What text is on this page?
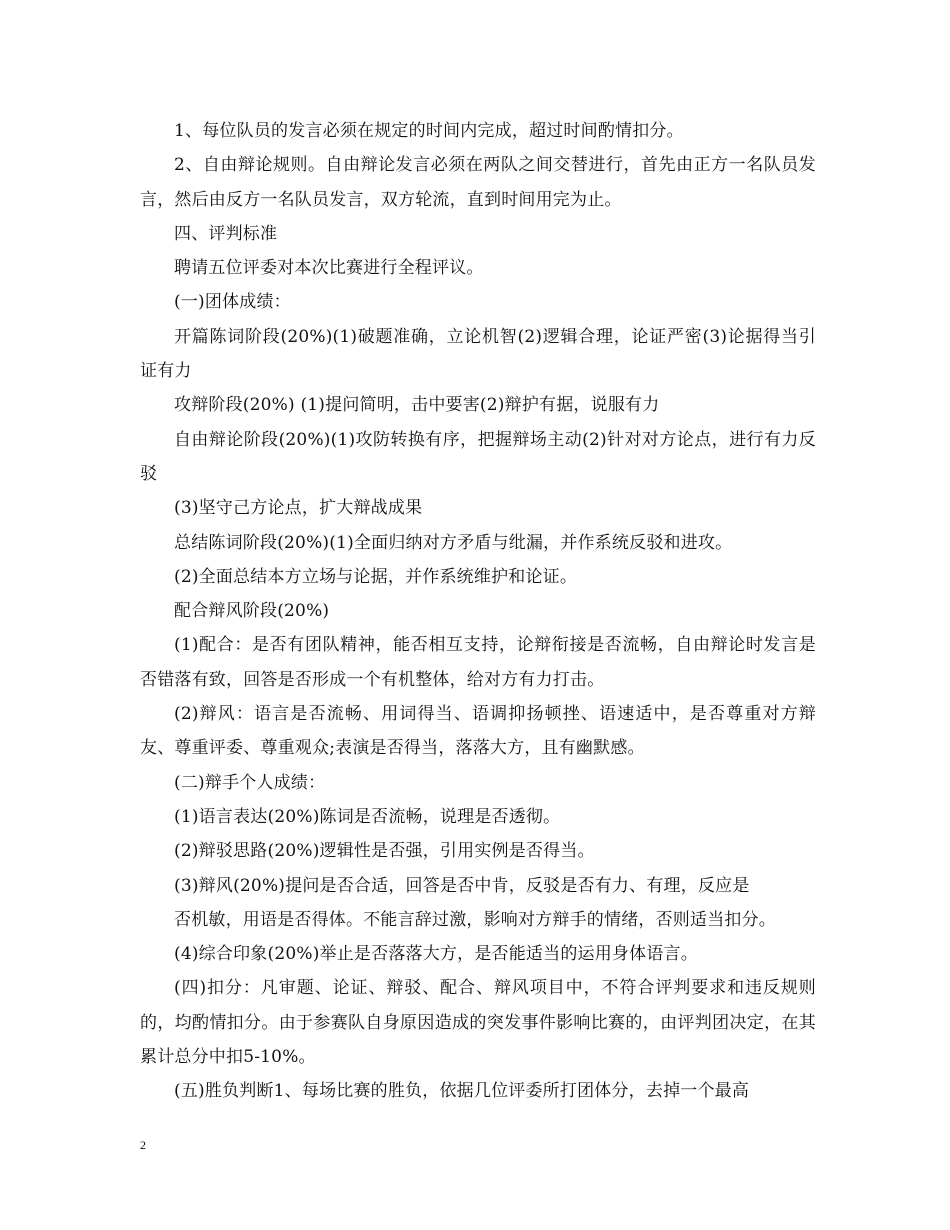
1、每位队员的发言必须在规定的时间内完成，超过时间酌情扣分。

2、自由辩论规则。自由辩论发言必须在两队之间交替进行，首先由正方一名队员发言，然后由反方一名队员发言，双方轮流，直到时间用完为止。

四、评判标准

聘请五位评委对本次比赛进行全程评议。

(一)团体成绩：

开篇陈词阶段(20%)(1)破题准确，立论机智(2)逻辑合理，论证严密(3)论据得当引证有力

攻辩阶段(20%) (1)提问简明，击中要害(2)辩护有据，说服有力

自由辩论阶段(20%)(1)攻防转换有序，把握辩场主动(2)针对对方论点，进行有力反驳

(3)坚守己方论点，扩大辩战成果

总结陈词阶段(20%)(1)全面归纳对方矛盾与纰漏，并作系统反驳和进攻。

(2)全面总结本方立场与论据，并作系统维护和论证。

配合辩风阶段(20%)

(1)配合：是否有团队精神，能否相互支持，论辩衔接是否流畅，自由辩论时发言是否错落有致，回答是否形成一个有机整体，给对方有力打击。

(2)辩风：语言是否流畅、用词得当、语调抑扬顿挫、语速适中，是否尊重对方辩友、尊重评委、尊重观众;表演是否得当，落落大方，且有幽默感。

(二)辩手个人成绩：

(1)语言表达(20%)陈词是否流畅，说理是否透彻。

(2)辩驳思路(20%)逻辑性是否强，引用实例是否得当。

(3)辩风(20%)提问是否合适，回答是否中肯，反驳是否有力、有理，反应是

否机敏，用语是否得体。不能言辞过激，影响对方辩手的情绪，否则适当扣分。

(4)综合印象(20%)举止是否落落大方，是否能适当的运用身体语言。

(四)扣分：凡审题、论证、辩驳、配合、辩风项目中，不符合评判要求和违反规则的，均酌情扣分。由于参赛队自身原因造成的突发事件影响比赛的，由评判团决定，在其累计总分中扣5-10%。

(五)胜负判断1、每场比赛的胜负，依据几位评委所打团体分，去掉一个最高

2
